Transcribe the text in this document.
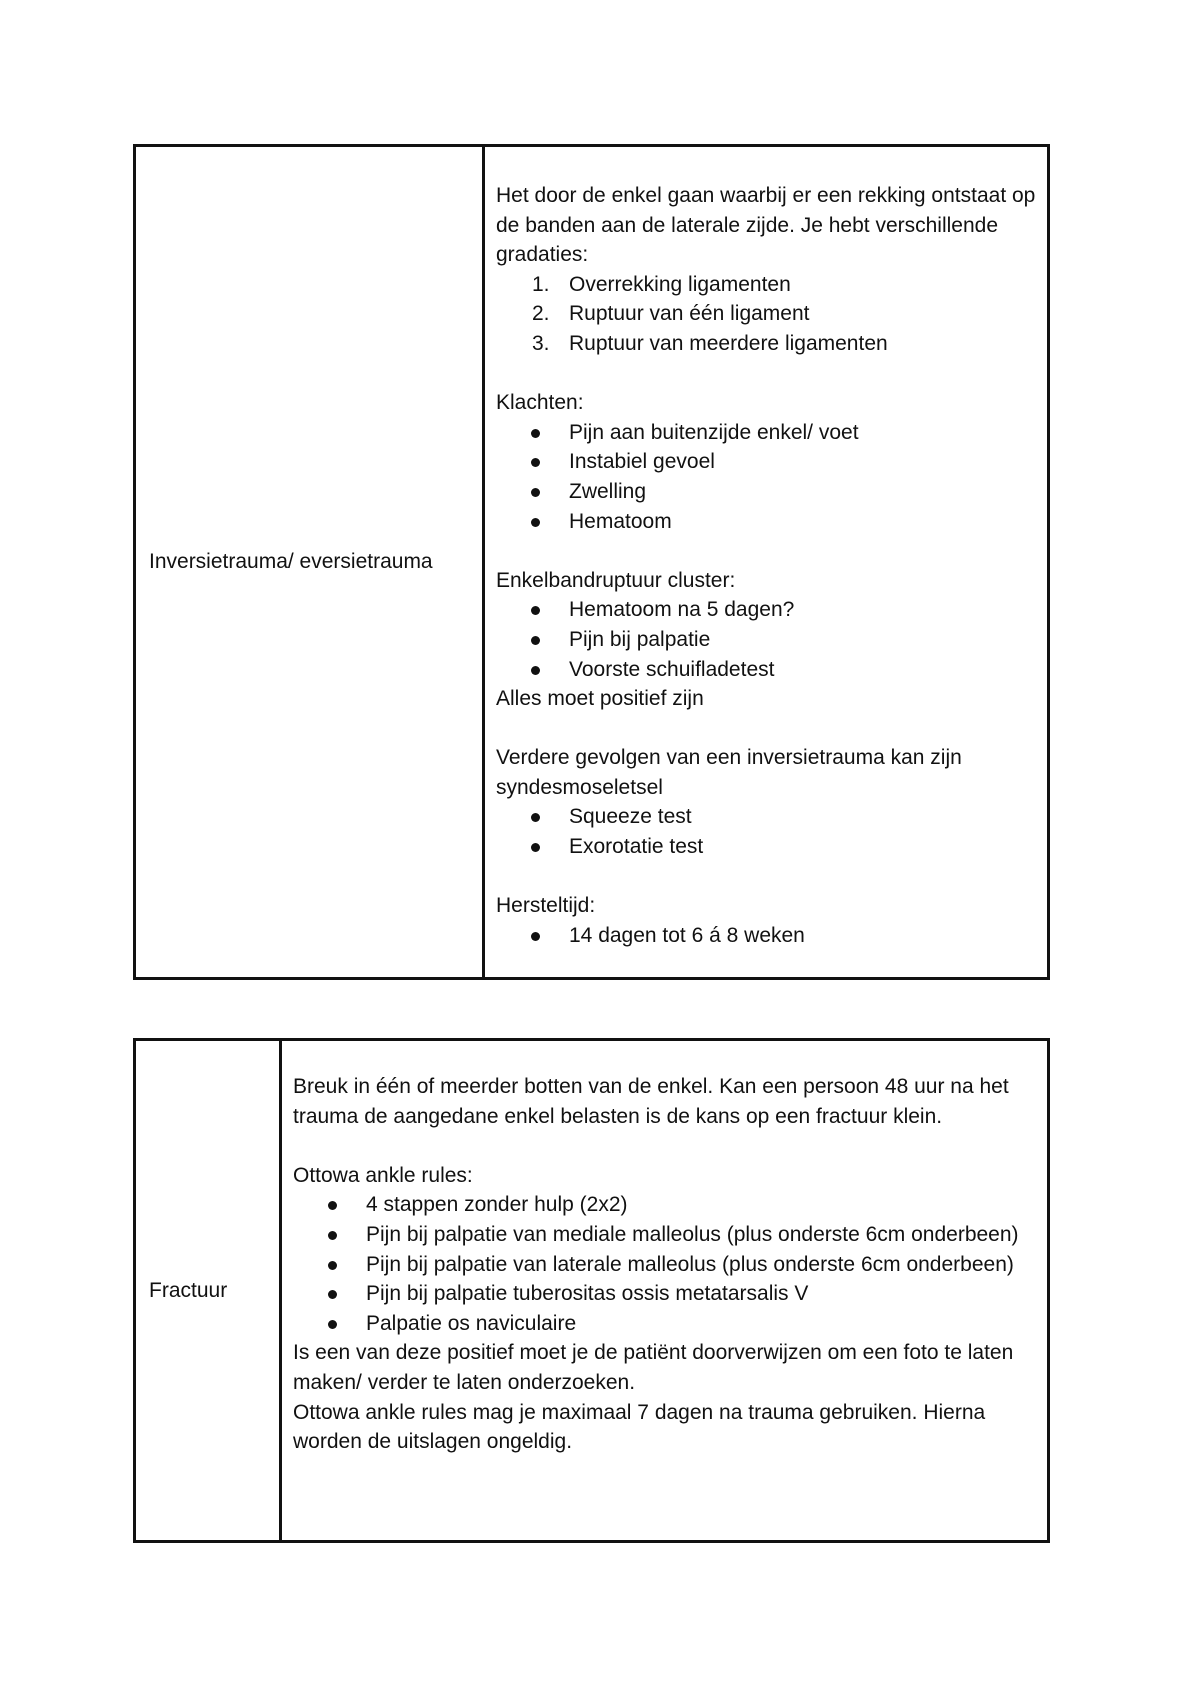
Inversietrauma/ eversietrauma

Het door de enkel gaan waarbij er een rekking ontstaat op de banden aan de laterale zijde. Je hebt verschillende gradaties:

1. Overrekking ligamenten
2. Ruptuur van één ligament
3. Ruptuur van meerdere ligamenten

Klachten:

Pijn aan buitenzijde enkel/ voet
Instabiel gevoel
Zwelling
Hematoom

Enkelbandruptuur cluster:

Hematoom na 5 dagen?
Pijn bij palpatie
Voorste schuifladetest

Alles moet positief zijn

Verdere gevolgen van een inversietrauma kan zijn syndesmoseletsel

Squeeze test
Exorotatie test

Hersteltijd:

14 dagen tot 6 á 8 weken
Fractuur

Breuk in één of meerder botten van de enkel. Kan een persoon 48 uur na het trauma de aangedane enkel belasten is de kans op een fractuur klein.

Ottowa ankle rules:

4 stappen zonder hulp (2x2)
Pijn bij palpatie van mediale malleolus (plus onderste 6cm onderbeen)
Pijn bij palpatie van laterale malleolus (plus onderste 6cm onderbeen)
Pijn bij palpatie tuberositas ossis metatarsalis V
Palpatie os naviculaire

Is een van deze positief moet je de patiënt doorverwijzen om een foto te laten maken/ verder te laten onderzoeken.

Ottowa ankle rules mag je maximaal 7 dagen na trauma gebruiken. Hierna worden de uitslagen ongeldig.
